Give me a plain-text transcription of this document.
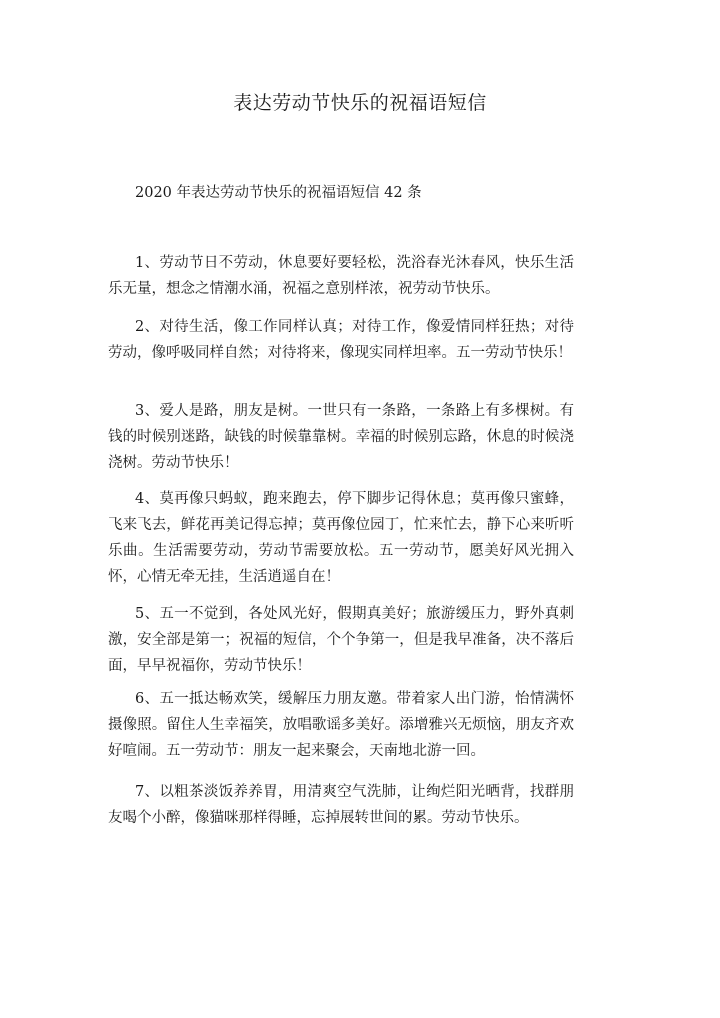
表达劳动节快乐的祝福语短信
2020 年表达劳动节快乐的祝福语短信 42 条

1、劳动节日不劳动，休息要好要轻松，洗浴春光沐春风，快乐生活乐无量，想念之情潮水涌，祝福之意别样浓，祝劳动节快乐。

2、对待生活，像工作同样认真；对待工作，像爱情同样狂热；对待劳动，像呼吸同样自然；对待将来，像现实同样坦率。五一劳动节快乐！

3、爱人是路，朋友是树。一世只有一条路，一条路上有多棵树。有钱的时候别迷路，缺钱的时候靠靠树。幸福的时候别忘路，休息的时候浇浇树。劳动节快乐！

4、莫再像只蚂蚁，跑来跑去，停下脚步记得休息；莫再像只蜜蜂，飞来飞去，鲜花再美记得忘掉；莫再像位园丁，忙来忙去，静下心来听听乐曲。生活需要劳动，劳动节需要放松。五一劳动节，愿美好风光拥入怀，心情无牵无挂，生活逍遥自在！

5、五一不觉到，各处风光好，假期真美好；旅游缓压力，野外真刺激，安全部是第一；祝福的短信，个个争第一，但是我早准备，决不落后面，早早祝福你，劳动节快乐！

6、五一抵达畅欢笑，缓解压力朋友邀。带着家人出门游，怡情满怀摄像照。留住人生幸福笑，放唱歌谣多美好。添增雅兴无烦恼，朋友齐欢好喧闹。五一劳动节：朋友一起来聚会，天南地北游一回。

7、以粗茶淡饭养养胃，用清爽空气洗肺，让绚烂阳光晒背，找群朋友喝个小醉，像猫咪那样得睡，忘掉展转世间的累。劳动节快乐。
